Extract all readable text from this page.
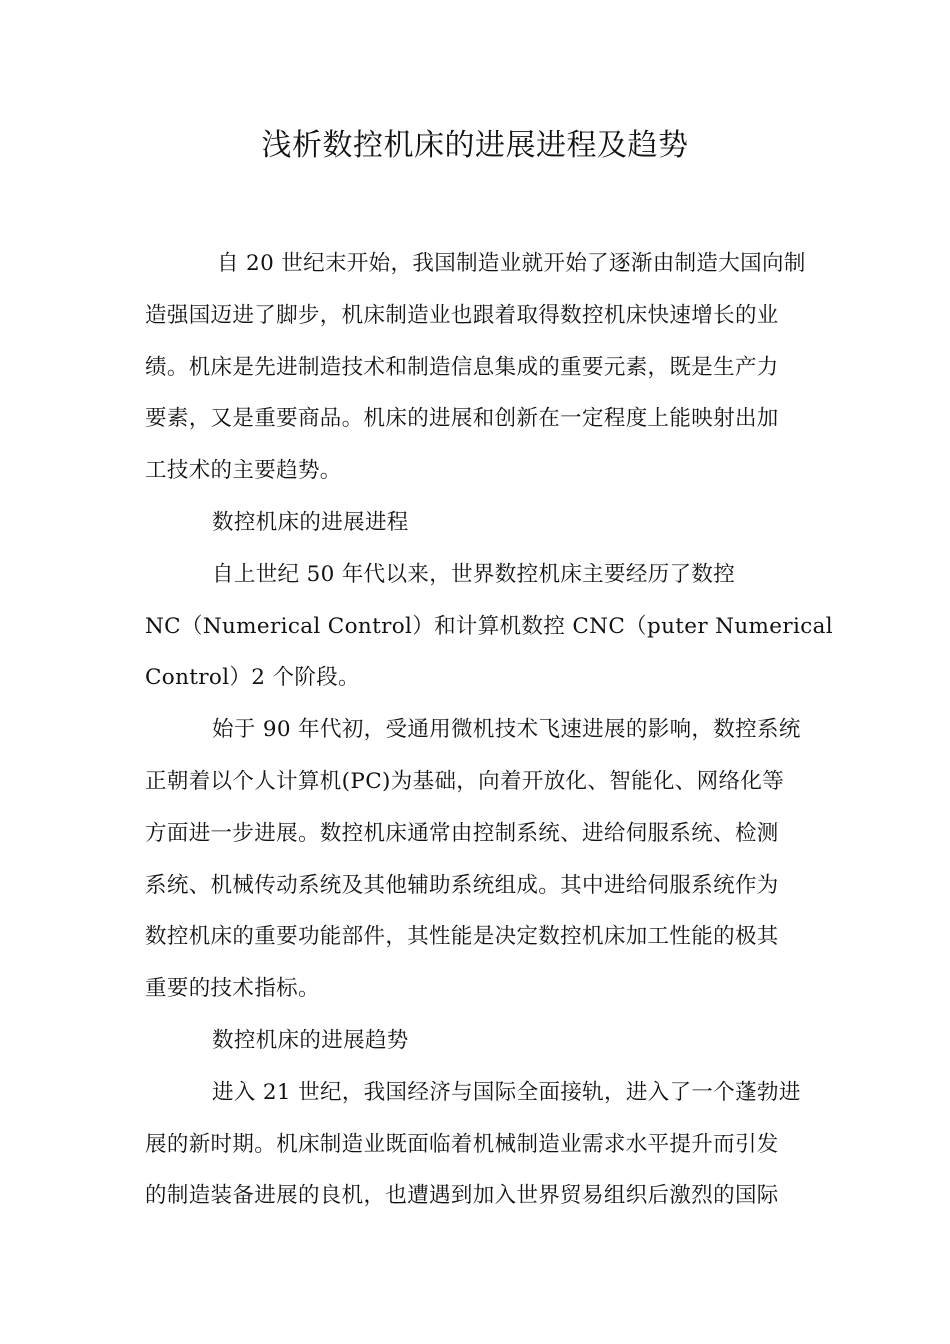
浅析数控机床的进展进程及趋势
自 20 世纪末开始，我国制造业就开始了逐渐由制造大国向制
造强国迈进了脚步，机床制造业也跟着取得数控机床快速增长的业
绩。机床是先进制造技术和制造信息集成的重要元素，既是生产力
要素，又是重要商品。机床的进展和创新在一定程度上能映射出加
工技术的主要趋势。
数控机床的进展进程
自上世纪 50 年代以来，世界数控机床主要经历了数控
NC（Numerical Control）和计算机数控 CNC（puter Numerical
Control）2 个阶段。
始于 90 年代初，受通用微机技术飞速进展的影响，数控系统
正朝着以个人计算机(PC)为基础，向着开放化、智能化、网络化等
方面进一步进展。数控机床通常由控制系统、进给伺服系统、检测
系统、机械传动系统及其他辅助系统组成。其中进给伺服系统作为
数控机床的重要功能部件，其性能是决定数控机床加工性能的极其
重要的技术指标。
数控机床的进展趋势
进入 21 世纪，我国经济与国际全面接轨，进入了一个蓬勃进
展的新时期。机床制造业既面临着机械制造业需求水平提升而引发
的制造装备进展的良机，也遭遇到加入世界贸易组织后激烈的国际
